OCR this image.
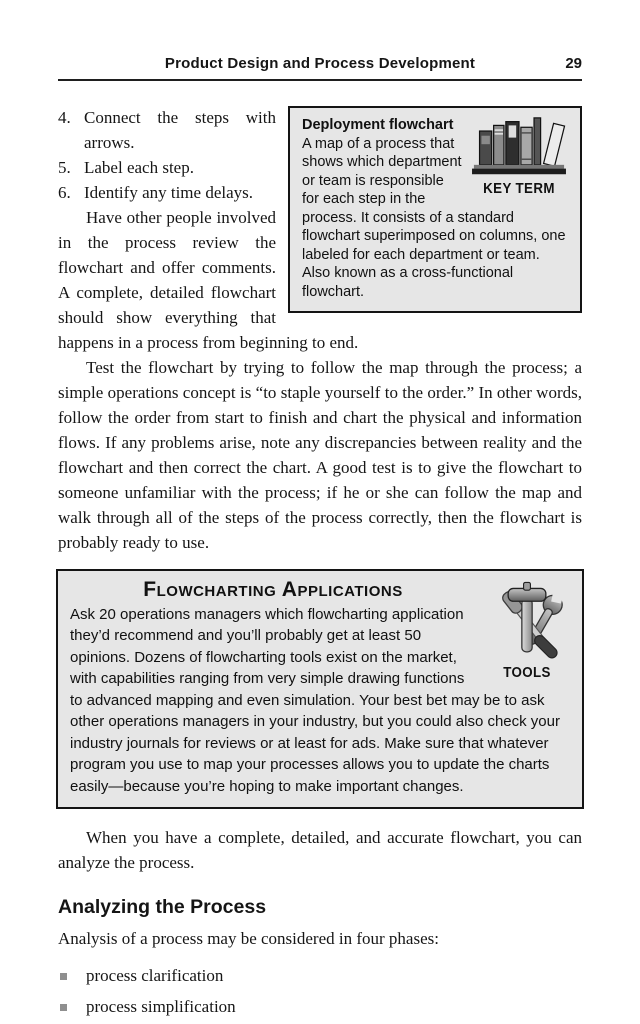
Product Design and Process Development	29
KEY TERM

Deployment flowchart A map of a process that shows which department or team is responsible for each step in the process. It consists of a standard flowchart superimposed on columns, one labeled for each department or team. Also known as a cross-functional flowchart.

4. Connect the steps with arrows.
5. Label each step.
6. Identify any time delays.

Have other people involved in the process review the flowchart and offer comments. A complete, detailed flowchart should show everything that happens in a process from beginning to end.

Test the flowchart by trying to follow the map through the process; a simple operations concept is “to staple yourself to the order.” In other words, follow the order from start to finish and chart the physical and information flows. If any problems arise, note any discrepancies between reality and the flowchart and then correct the chart. A good test is to give the flowchart to someone unfamiliar with the process; if he or she can follow the map and walk through all of the steps of the process correctly, then the flowchart is probably ready to use.

TOOLS
Flowcharting Applications

Ask 20 operations managers which flowcharting application they’d recommend and you’ll probably get at least 50 opinions. Dozens of flowcharting tools exist on the market, with capabilities ranging from very simple drawing functions to advanced mapping and even simulation. Your best bet may be to ask other operations managers in your industry, but you could also check your industry journals for reviews or at least for ads. Make sure that whatever program you use to map your processes allows you to update the charts easily—because you’re hoping to make important changes.

When you have a complete, detailed, and accurate flowchart, you can analyze the process.

Analyzing the Process

Analysis of a process may be considered in four phases:

process clarification
process simplification
